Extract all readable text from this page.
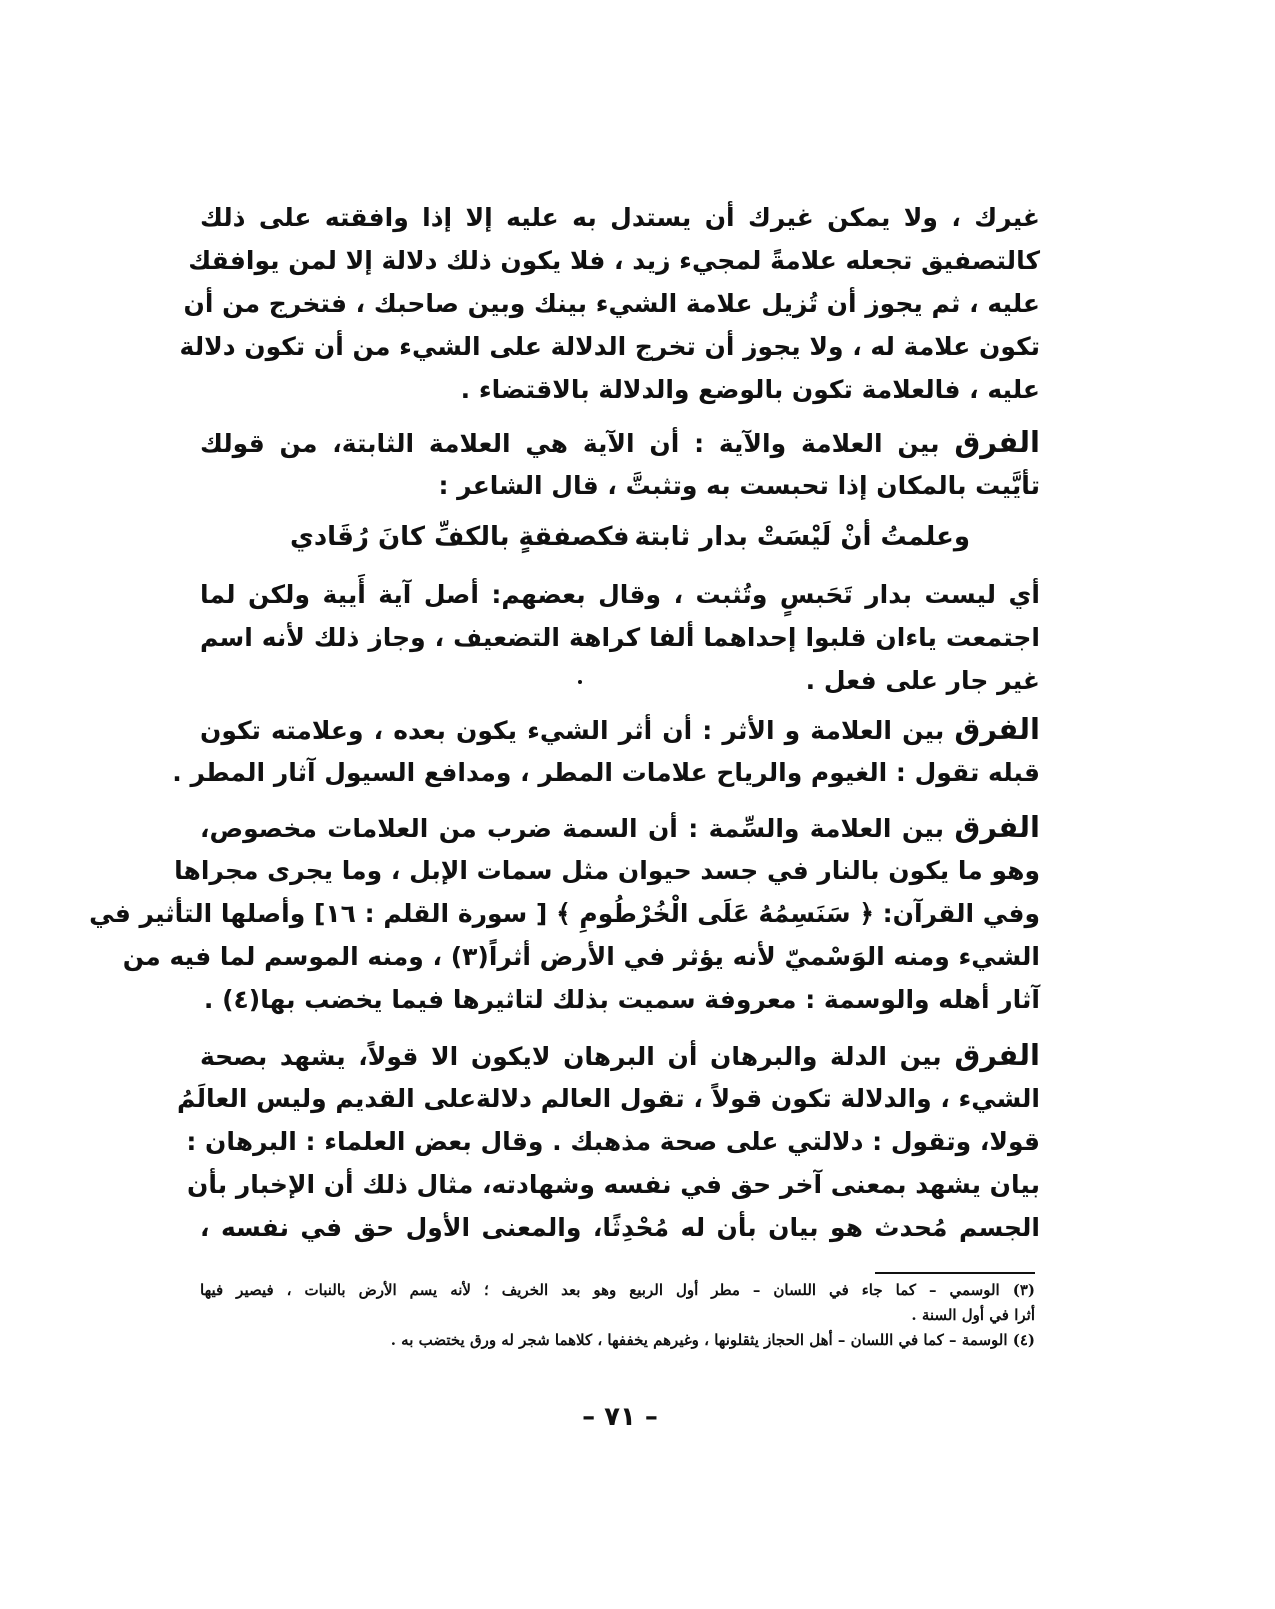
غيرك ، ولا يمكن غيرك أن يستدل به عليه إلا إذا وافقته على ذلك
كالتصفيق تجعله علامةً لمجيء زيد ، فلا يكون ذلك دلالة إلا لمن يوافقك
عليه ، ثم يجوز أن تُزيل علامة الشيء بينك وبين صاحبك ، فتخرج من أن
تكون علامة له ، ولا يجوز أن تخرج الدلالة على الشيء من أن تكون دلالة
عليه ، فالعلامة تكون بالوضع والدلالة بالاقتضاء .
الفرق بين العلامة والآية : أن الآية هي العلامة الثابتة، من قولك
تأيَّيت بالمكان إذا تحبست به وتثبتَّ ، قال الشاعر :
وعلمتُ أنْ لَيْسَتْ بدار ثابتة
فكصفقةٍ بالكفِّ كانَ رُقَادي
أي ليست بدار تَحَبسٍ وتُثبت ، وقال بعضهم: أصل آية أَيية ولكن لما
اجتمعت ياءان قلبوا إحداهما ألفا كراهة التضعيف ، وجاز ذلك لأنه اسم
غير جار على فعل .
الفرق بين العلامة و الأثر : أن أثر الشيء يكون بعده ، وعلامته تكون
قبله تقول : الغيوم والرياح علامات المطر ، ومدافع السيول آثار المطر .
الفرق بين العلامة والسِّمة : أن السمة ضرب من العلامات مخصوص،
وهو ما يكون بالنار في جسد حيوان مثل سمات الإبل ، وما يجرى مجراها
وفي القرآن: ﴿ سَنَسِمُهُ عَلَى الْخُرْطُومِ ﴾ [ سورة القلم : ١٦] وأصلها التأثير في
الشيء ومنه الوَسْميّ لأنه يؤثر في الأرض أثراً(٣) ، ومنه الموسم لما فيه من
آثار أهله والوسمة : معروفة سميت بذلك لتاثيرها فيما يخضب بها(٤) .
الفرق بين الدلة والبرهان أن البرهان لايكون الا قولاً، يشهد بصحة
الشيء ، والدلالة تكون قولاً ، تقول العالم دلالةعلى القديم وليس العالَمُ
قولا، وتقول : دلالتي على صحة مذهبك . وقال بعض العلماء : البرهان :
بيان يشهد بمعنى آخر حق في نفسه وشهادته، مثال ذلك أن الإخبار بأن
الجسم مُحدث هو بيان بأن له مُحْدِثًا، والمعنى الأول حق في نفسه ،
(٣) الوسمي – كما جاء في اللسان – مطر أول الربيع وهو بعد الخريف ؛ لأنه يسم الأرض بالنبات ، فيصير فيها
أثرا في أول السنة .
(٤) الوسمة – كما في اللسان – أهل الحجاز يثقلونها ، وغيرهم يخففها ، كلاهما شجر له ورق يختضب به .
– ٧١ –
